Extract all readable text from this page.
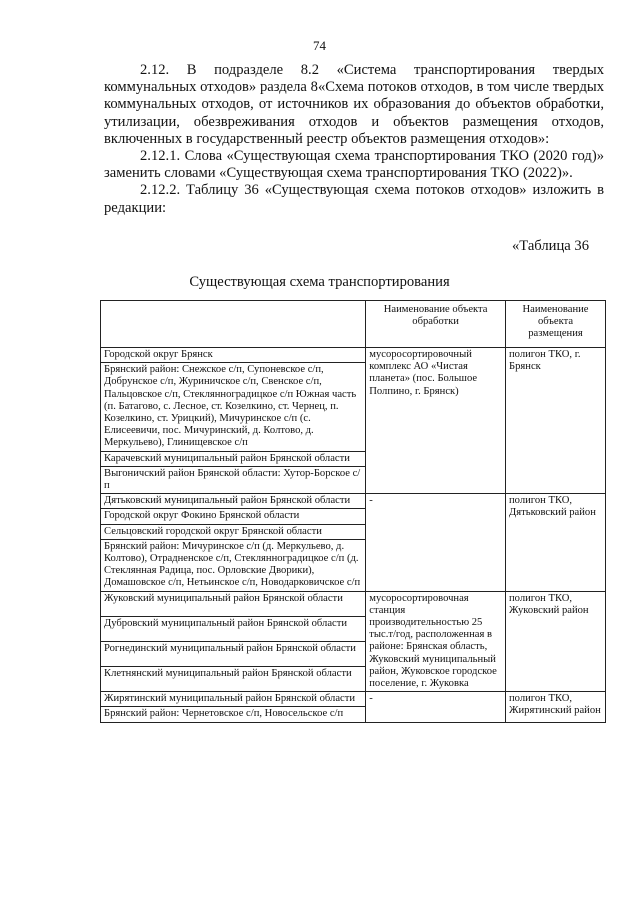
74

2.12. В подразделе 8.2 «Система транспортирования твердых коммунальных отходов» раздела 8«Схема потоков отходов, в том числе твердых коммунальных отходов, от источников их образования до объектов обработки, утилизации, обезвреживания отходов и объектов размещения отходов, включенных в государственный реестр объектов размещения отходов»:

2.12.1. Слова «Существующая схема транспортирования ТКО (2020 год)» заменить словами «Существующая схема транспортирования ТКО (2022)».

2.12.2. Таблицу 36 «Существующая схема потоков отходов» изложить в редакции:

«Таблица 36
Существующая схема транспортирования
	Наименование объекта обработки	Наименование объекта размещения
Городской округ Брянск	мусоросортировочный комплекс АО «Чистая планета» (пос. Большое Полпино, г. Брянск)	полигон ТКО, г. Брянск
Брянский район: Снежское с/п, Супоневское с/п, Добрунское с/п, Журиничское с/п, Свенское с/п, Пальцовское с/п, Стеклянноградицкое с/п Южная часть (п. Батагово, с. Лесное, ст. Козелкино, ст. Чернец, п. Козелкино, ст. Урицкий), Мичуринское с/п (с. Елисеевичи, пос. Мичуринский, д. Колтово, д. Меркульево), Глинищевское с/п		
Карачевский муниципальный район Брянской области		
Выгоничский район Брянской области: Хутор-Борское с/п		
Дятьковский муниципальный район Брянской области	-	полигон ТКО, Дятьковский район
Городской округ Фокино Брянской области		
Сельцовский городской округ Брянской области		
Брянский район: Мичуринское с/п (д. Меркульево, д. Колтово), Отрадненское с/п, Стеклянноградицкое с/п (д. Стеклянная Радица, пос. Орловские Дворики), Домашовское с/п, Нетьинское с/п, Новодарковичское с/п		
Жуковский муниципальный район Брянской области	мусоросортировочная станция производительностью 25 тыс.т/год, расположенная в районе: Брянская область, Жуковский муниципальный район, Жуковское городское поселение, г. Жуковка	полигон ТКО, Жуковский район
Дубровский муниципальный район Брянской области		
Рогнединский муниципальный район Брянской области		
Клетнянский муниципальный район Брянской области		
Жирятинский муниципальный район Брянской области	-	полигон ТКО, Жирятинский район
Брянский район: Чернетовское с/п, Новосельское с/п		
